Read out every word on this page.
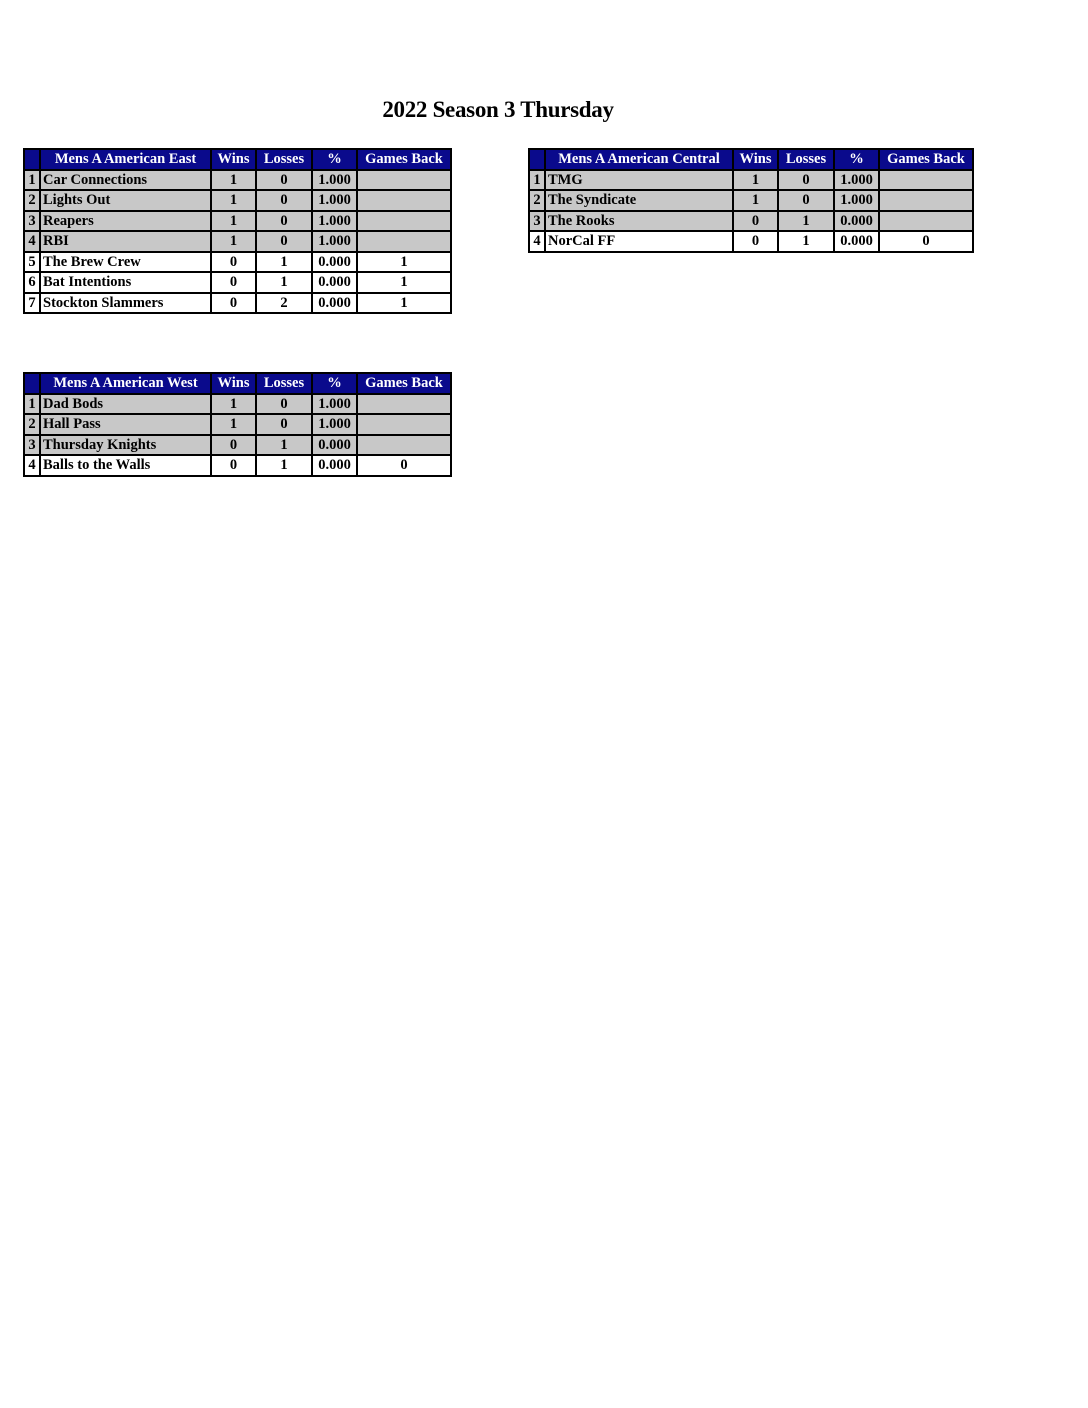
2022 Season 3 Thursday
	Mens A American East	Wins	Losses	%	Games Back
1	Car Connections	1	0	1.000	
2	Lights Out	1	0	1.000	
3	Reapers	1	0	1.000	
4	RBI	1	0	1.000	
5	The Brew Crew	0	1	0.000	1
6	Bat Intentions	0	1	0.000	1
7	Stockton Slammers	0	2	0.000	1
	Mens A American Central	Wins	Losses	%	Games Back
1	TMG	1	0	1.000	
2	The Syndicate	1	0	1.000	
3	The Rooks	0	1	0.000	
4	NorCal FF	0	1	0.000	0
	Mens A American West	Wins	Losses	%	Games Back
1	Dad Bods	1	0	1.000	
2	Hall Pass	1	0	1.000	
3	Thursday Knights	0	1	0.000	
4	Balls to the Walls	0	1	0.000	0
